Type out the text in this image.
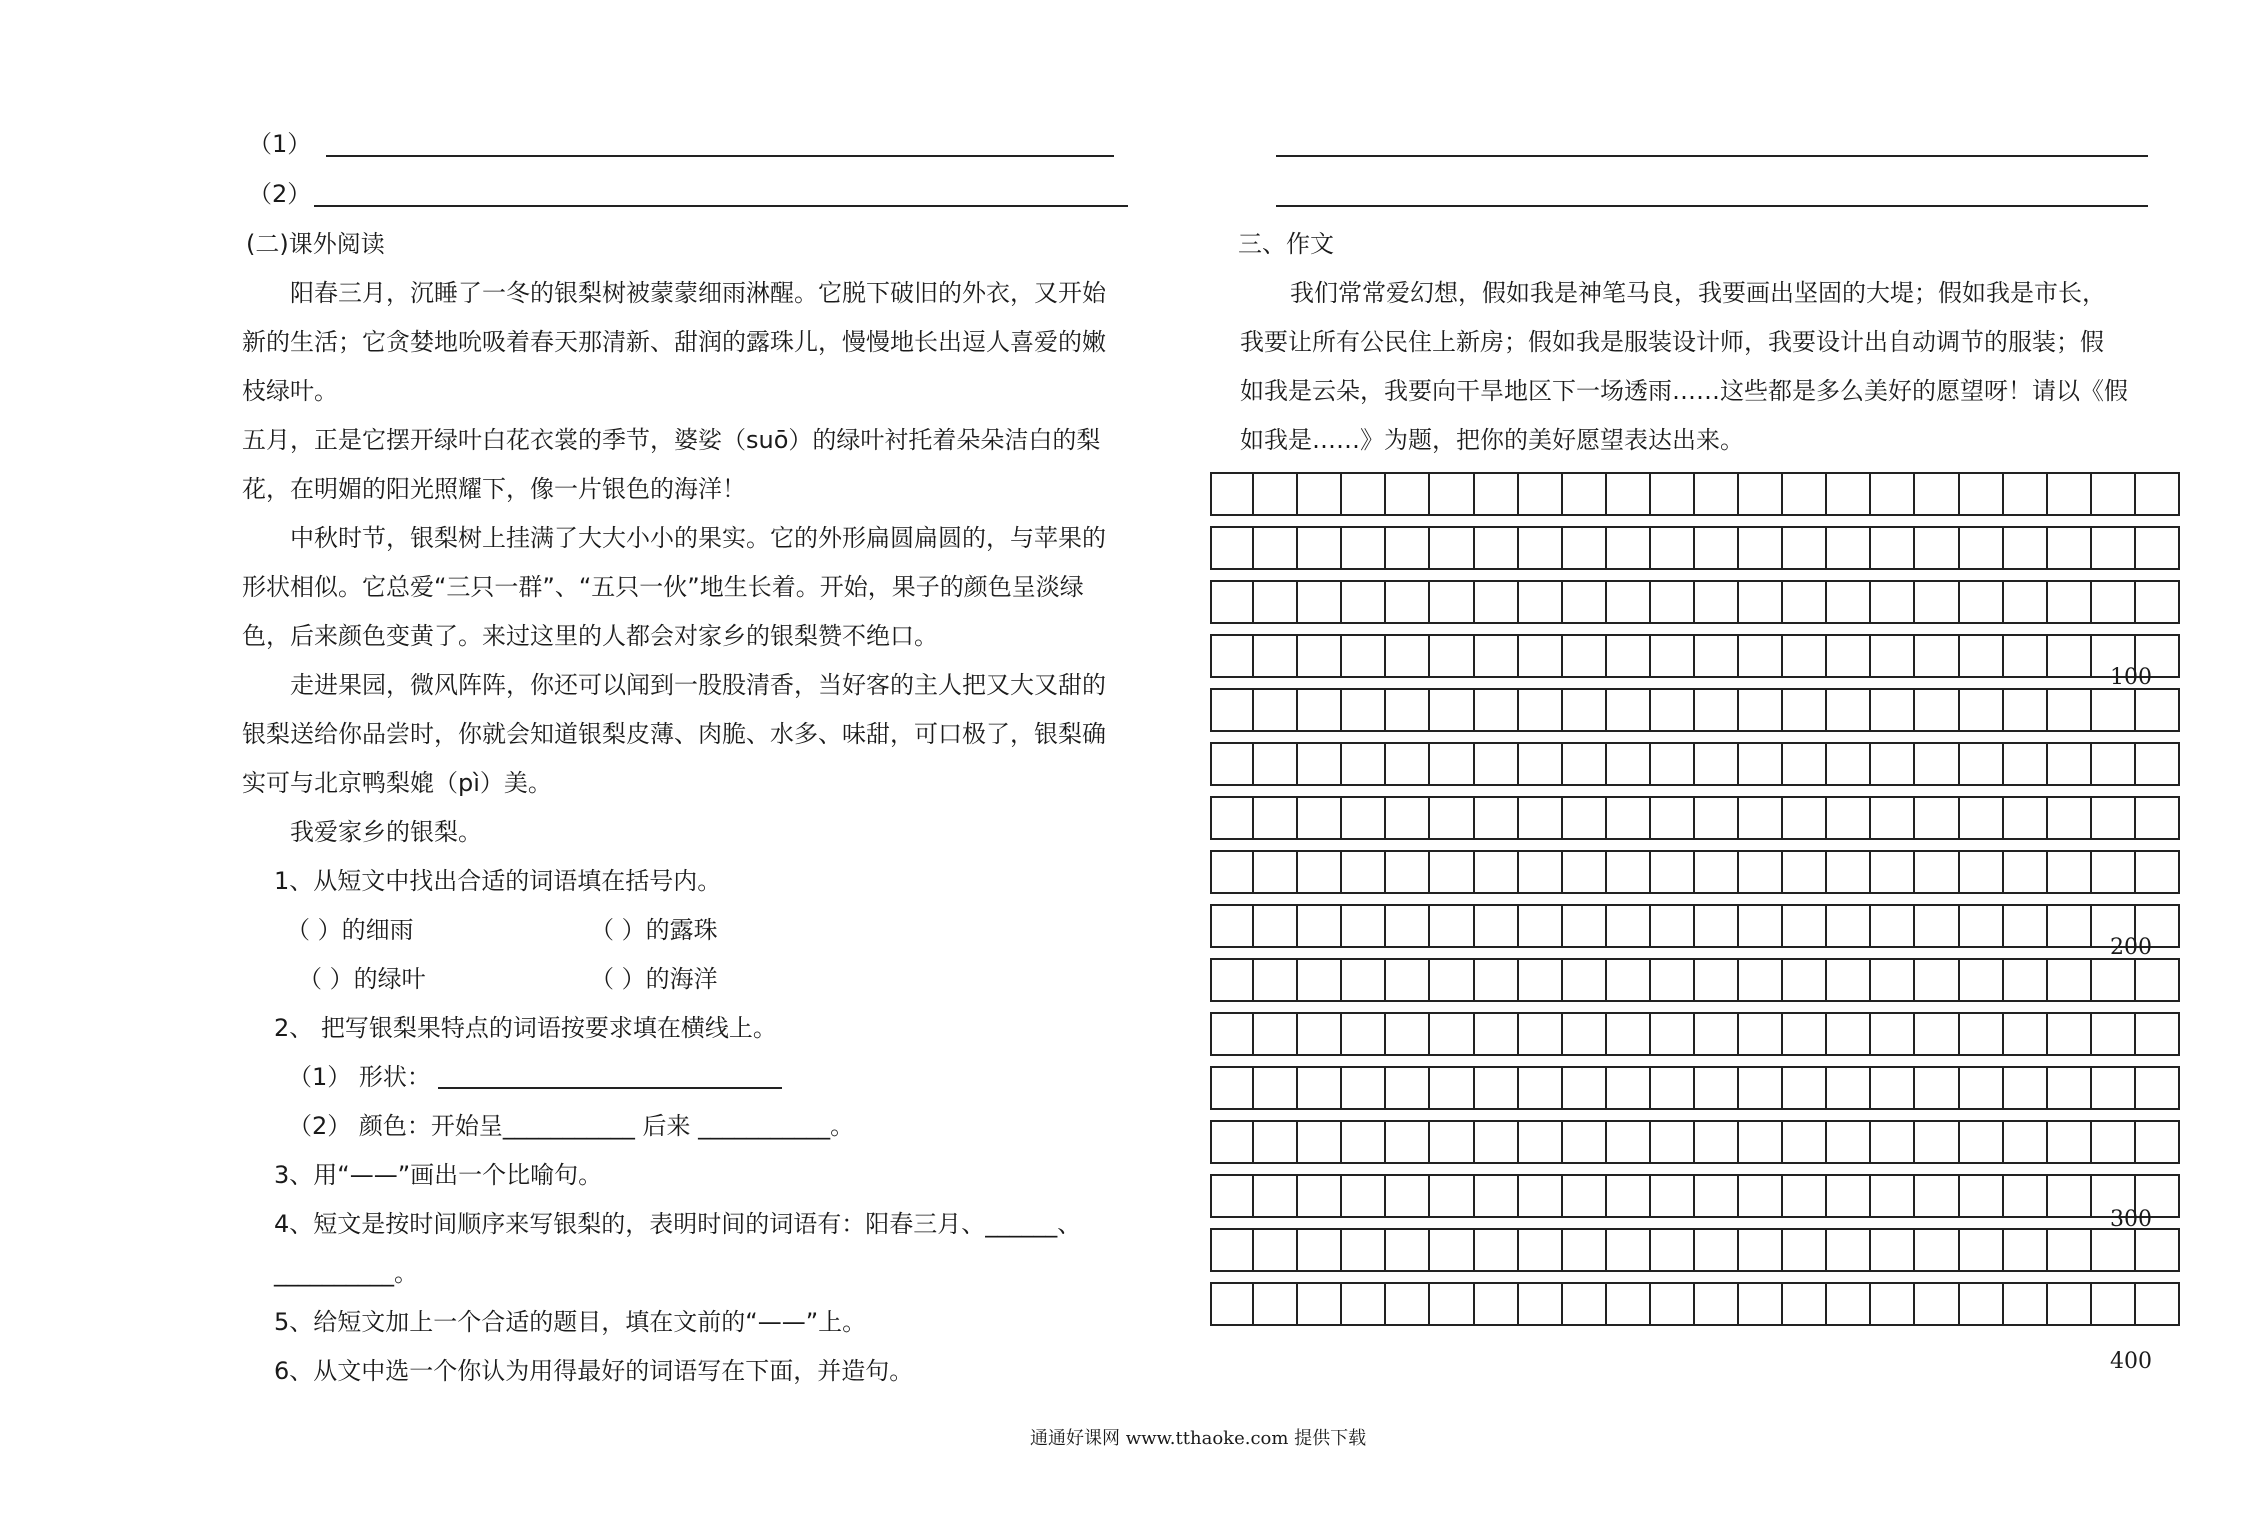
（1）
（2）
(二)课外阅读
阳春三月，沉睡了一冬的银梨树被蒙蒙细雨淋醒。它脱下破旧的外衣，又开始
新的生活；它贪婪地吮吸着春天那清新、甜润的露珠儿，慢慢地长出逗人喜爱的嫩
枝绿叶。
五月，正是它摆开绿叶白花衣裳的季节，婆娑（suō）的绿叶衬托着朵朵洁白的梨
花，在明媚的阳光照耀下，像一片银色的海洋！
中秋时节，银梨树上挂满了大大小小的果实。它的外形扁圆扁圆的，与苹果的
形状相似。它总爱“三只一群”、“五只一伙”地生长着。开始，果子的颜色呈淡绿
色，后来颜色变黄了。来过这里的人都会对家乡的银梨赞不绝口。
走进果园，微风阵阵，你还可以闻到一股股清香，当好客的主人把又大又甜的
银梨送给你品尝时，你就会知道银梨皮薄、肉脆、水多、味甜，可口极了，银梨确
实可与北京鸭梨媲（pì）美。
我爱家乡的银梨。
1、从短文中找出合适的词语填在括号内。
（ ）的细雨	（ ）的露珠
（ ）的绿叶	（ ）的海洋
2、 把写银梨果特点的词语按要求填在横线上。
（1） 形状：
（2） 颜色：开始呈___________ 后来 ___________。
3、用“——”画出一个比喻句。
4、短文是按时间顺序来写银梨的，表明时间的词语有：阳春三月、______、
__________。
5、给短文加上一个合适的题目，填在文前的“——”上。
6、从文中选一个你认为用得最好的词语写在下面，并造句。
三、作文
我们常常爱幻想，假如我是神笔马良，我要画出坚固的大堤；假如我是市长，
我要让所有公民住上新房；假如我是服装设计师，我要设计出自动调节的服装；假
如我是云朵，我要向干旱地区下一场透雨……这些都是多么美好的愿望呀！请以《假
如我是……》为题，把你的美好愿望表达出来。
100
200
300
400
通通好课网 www.tthaoke.com 提供下载
